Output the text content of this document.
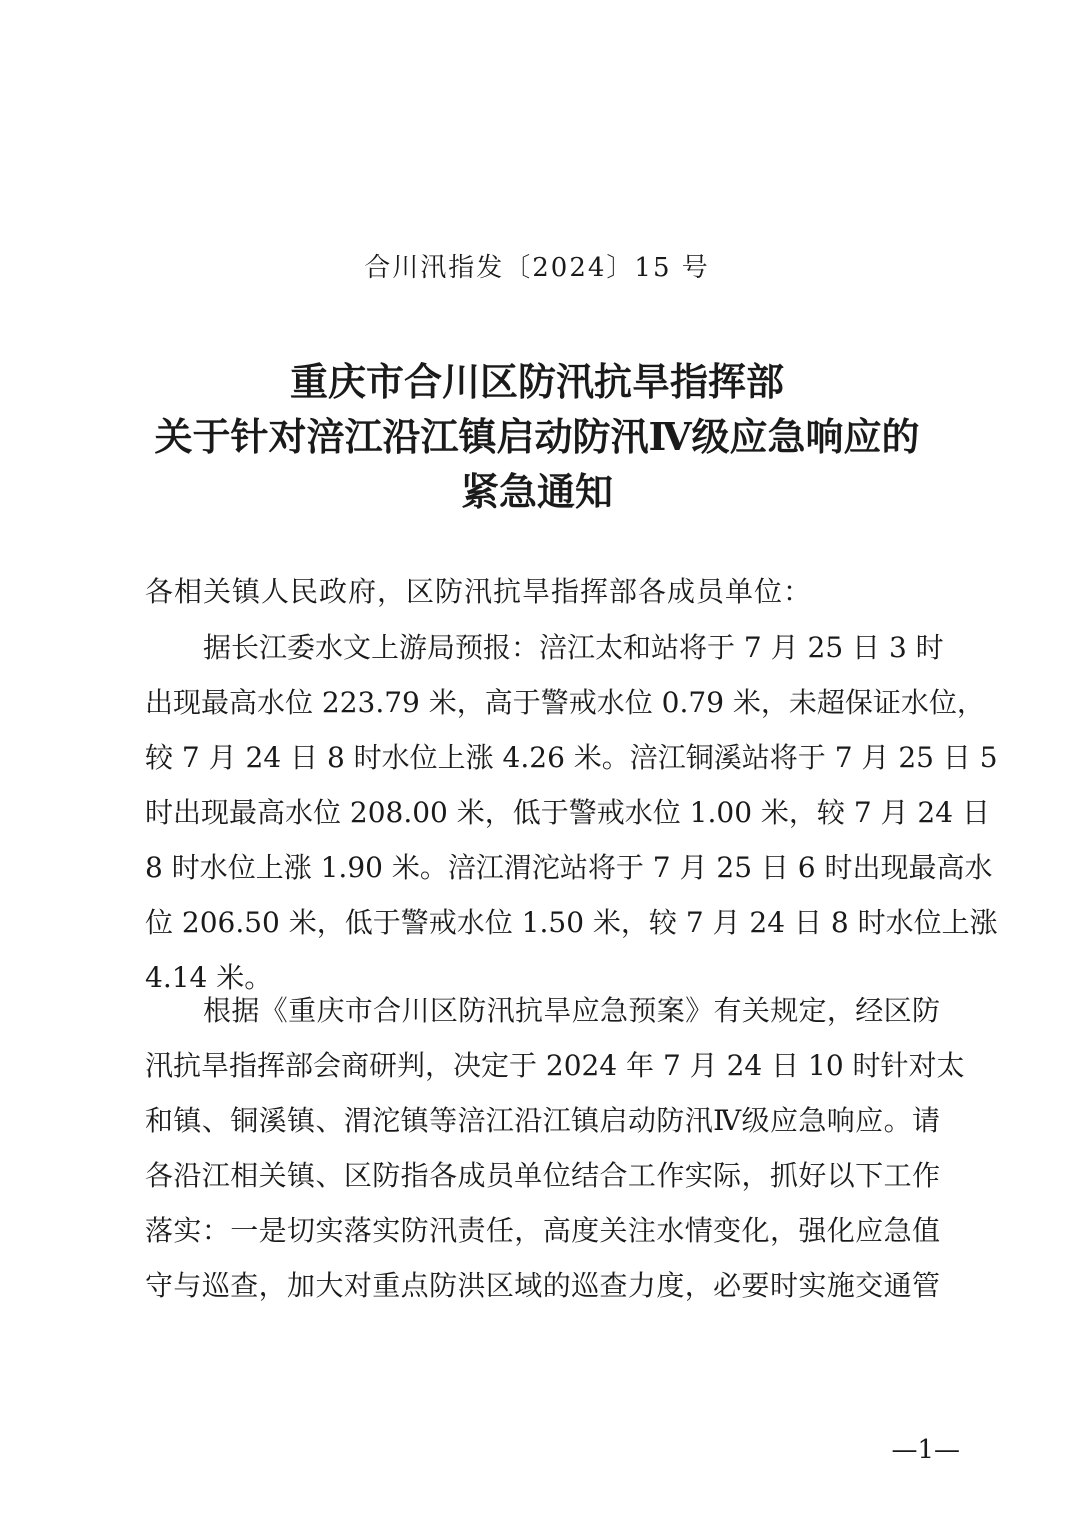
合川汛指发〔2024〕15 号
重庆市合川区防汛抗旱指挥部
关于针对涪江沿江镇启动防汛Ⅳ级应急响应的
紧急通知
各相关镇人民政府，区防汛抗旱指挥部各成员单位：
据长江委水文上游局预报：涪江太和站将于 7 月 25 日 3 时
出现最高水位 223.79 米，高于警戒水位 0.79 米，未超保证水位，
较 7 月 24 日 8 时水位上涨 4.26 米。涪江铜溪站将于 7 月 25 日 5
时出现最高水位 208.00 米，低于警戒水位 1.00 米，较 7 月 24 日
8 时水位上涨 1.90 米。涪江渭沱站将于 7 月 25 日 6 时出现最高水
位 206.50 米，低于警戒水位 1.50 米，较 7 月 24 日 8 时水位上涨
4.14 米。
根据《重庆市合川区防汛抗旱应急预案》有关规定，经区防
汛抗旱指挥部会商研判，决定于 2024 年 7 月 24 日 10 时针对太
和镇、铜溪镇、渭沱镇等涪江沿江镇启动防汛Ⅳ级应急响应。请
各沿江相关镇、区防指各成员单位结合工作实际，抓好以下工作
落实：一是切实落实防汛责任，高度关注水情变化，强化应急值
守与巡查，加大对重点防洪区域的巡查力度，必要时实施交通管
—1—
